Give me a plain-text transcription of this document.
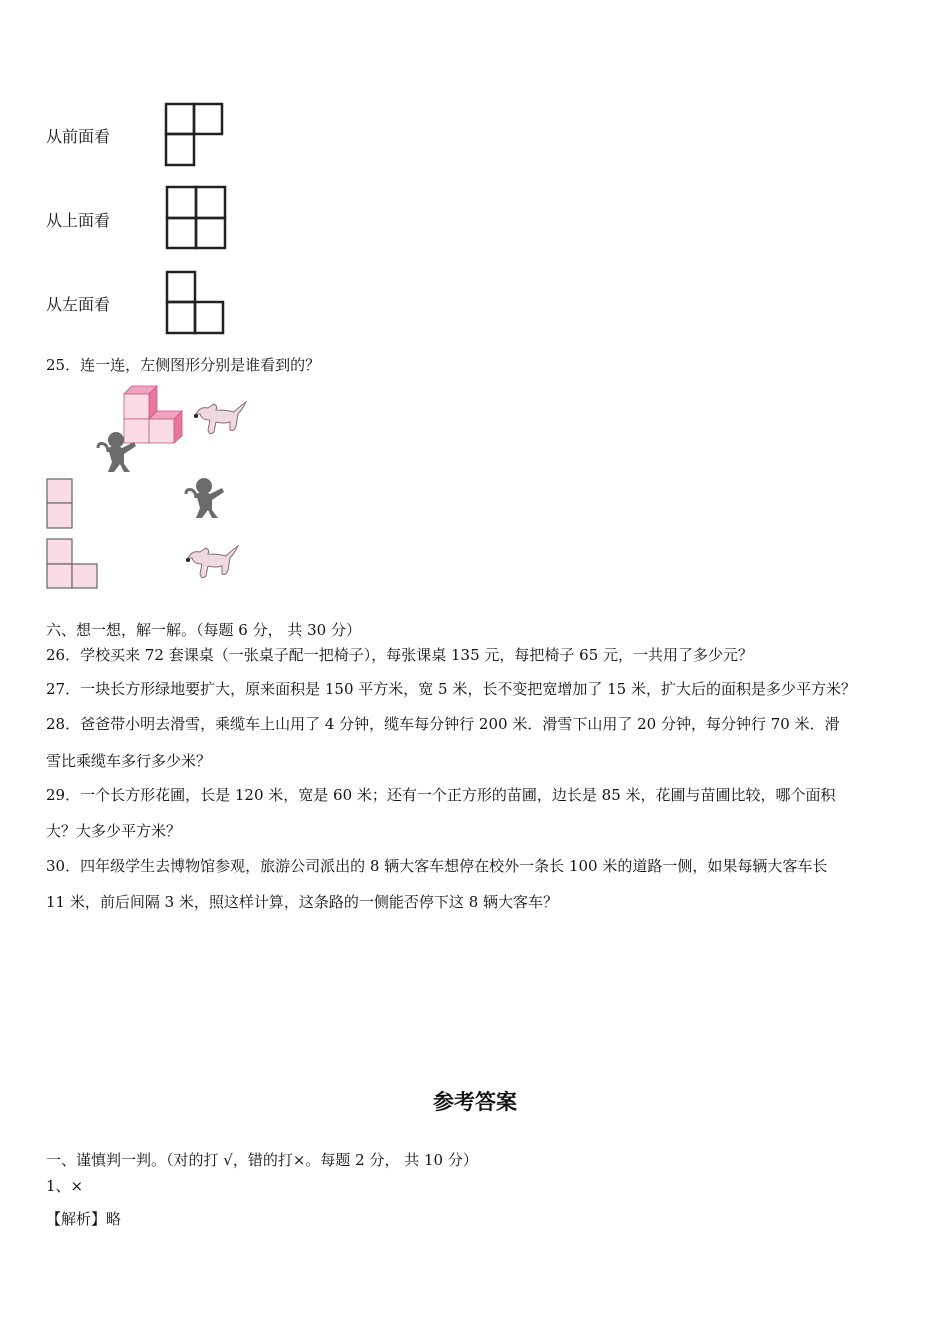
从前面看
从上面看
从左面看
25．连一连，左侧图形分别是谁看到的？
六、想一想，解一解。（每题 6 分， 共 30 分）
26．学校买来 72 套课桌（一张桌子配一把椅子），每张课桌 135 元，每把椅子 65 元，一共用了多少元？
27．一块长方形绿地要扩大，原来面积是 150 平方米，宽 5 米，长不变把宽增加了 15 米，扩大后的面积是多少平方米？
28．爸爸带小明去滑雪，乘缆车上山用了 4 分钟，缆车每分钟行 200 米．滑雪下山用了 20 分钟，每分钟行 70 米．滑
雪比乘缆车多行多少米？
29．一个长方形花圃，长是 120 米，宽是 60 米；还有一个正方形的苗圃，边长是 85 米，花圃与苗圃比较，哪个面积
大？大多少平方米？
30．四年级学生去博物馆参观，旅游公司派出的 8 辆大客车想停在校外一条长 100 米的道路一侧，如果每辆大客车长
11 米，前后间隔 3 米，照这样计算，这条路的一侧能否停下这 8 辆大客车？
参考答案
一、谨慎判一判。（对的打 √，错的打×。每题 2 分， 共 10 分）
1、×
【解析】略
